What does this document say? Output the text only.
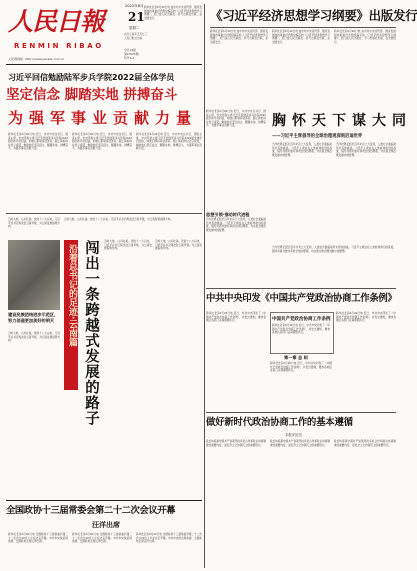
人民日報
RENMIN RIBAO
人民网网址: http://www.people.com.cn
2022年6月
21
星期二
农历壬寅年五月廿三
人民日报社出版
今日12版
第27025期
代号1-1
新华社北京6月20日电 由中共中央宣传部、国家发展和改革委员会组织编写的《习近平经济思想学习纲要》，近日由人民出版社、学习出版社出版，在全国发行。	《习近平经济思想学习纲要》出版发行
新华社北京6月20日电 由中共中央宣传部、国家发展和改革委员会组织编写的《习近平经济思想学习纲要》，近日由人民出版社、学习出版社出版，在全国发行。
新华社北京6月20日电 由中共中央宣传部、国家发展和改革委员会组织编写的《习近平经济思想学习纲要》，近日由人民出版社、学习出版社出版，在全国发行。
新华社北京6月20日电 由中共中央宣传部、国家发展和改革委员会组织编写的《习近平经济思想学习纲要》，近日由人民出版社、学习出版社出版，在全国发行。
习近平回信勉励陆军步兵学院2022届全体学员
坚定信念 脚踏实地 拼搏奋斗
为强军事业贡献力量
新华社北京6月20日电 近日，中共中央总书记、国家主席、中央军委主席习近平给陆军步兵学院2022届全体学员回信，向他们即将奔赴部队、踏上新的岗位表示祝贺，勉励他们坚定信念、脚踏实地、拼搏奋斗，为强军事业贡献力量。
新华社北京6月20日电 近日，中共中央总书记、国家主席、中央军委主席习近平给陆军步兵学院2022届全体学员回信，向他们即将奔赴部队、踏上新的岗位表示祝贺，勉励他们坚定信念、脚踏实地、拼搏奋斗，为强军事业贡献力量。
新华社北京6月20日电 近日，中共中央总书记、国家主席、中央军委主席习近平给陆军步兵学院2022届全体学员回信，向他们即将奔赴部队、踏上新的岗位表示祝贺，勉励他们坚定信念、脚踏实地、拼搏奋斗，为强军事业贡献力量。
新华社北京6月20日电 近日，中共中央总书记、国家主席、中央军委主席习近平给陆军步兵学院2022届全体学员回信，向他们即将奔赴部队、踏上新的岗位表示祝贺，勉励他们坚定信念、脚踏实地、拼搏奋斗，为强军事业贡献力量。	胸怀天下谋大同
——习近平主席倡导的全球治理观深刻启迪世界
当今世界正经历百年未有之大变局，人类社会面临前所未有的挑战。习近平主席站在人类前途命运的高度，倡导共商共建共享的全球治理观，为完善全球治理贡献中国智慧。
当今世界正经历百年未有之大变局，人类社会面临前所未有的挑战。习近平主席站在人类前途命运的高度，倡导共商共建共享的全球治理观，为完善全球治理贡献中国智慧。
思想引领·推动时代进程
当今世界正经历百年未有之大变局，人类社会面临前所未有的挑战。习近平主席站在人类前途命运的高度，倡导共商共建共享的全球治理观，为完善全球治理贡献中国智慧。
当今世界正经历百年未有之大变局，人类社会面临前所未有的挑战。习近平主席站在人类前途命运的高度，倡导共商共建共享的全球治理观，为完善全球治理贡献中国智慧。
云岭大地，山川壮美。党的十八大以来，习近平总书记两次赴云南考察，为云南发展指明方向。
建设民族团结进步示范区，努力创造更加美好的明天
云岭大地，山川壮美。党的十八大以来，习近平总书记两次赴云南考察，为云南发展指明方向。
云岭大地，山川壮美。党的十八大以来，习近平总书记两次赴云南考察，为云南发展指明方向。
沿着总书记的足迹·云南篇 闯出一条跨越式发展的路子	云岭大地，山川壮美。党的十八大以来，习近平总书记两次赴云南考察，为云南发展指明方向。
云岭大地，山川壮美。党的十八大以来，习近平总书记两次赴云南考察，为云南发展指明方向。
中共中央印发《中国共产党政治协商工作条例》
新华社北京6月20日电 近日，中共中央印发了《中国共产党政治协商工作条例》，并发出通知，要求各地区各部门认真遵照执行。	中国共产党政治协商工作条例
新华社北京6月20日电 近日，中共中央印发了《中国共产党政治协商工作条例》，并发出通知，要求各地区各部门认真遵照执行。
第一章 总 则
新华社北京6月20日电 近日，中共中央印发了《中国共产党政治协商工作条例》，并发出通知，要求各地区各部门认真遵照执行。
新华社北京6月20日电 近日，中共中央印发了《中国共产党政治协商工作条例》，并发出通知，要求各地区各部门认真遵照执行。
做好新时代政治协商工作的基本遵循
本报评论员
政治协商是中国共产党领导的多党合作和政治协商制度的重要内容，是社会主义协商民主的重要形式。
政治协商是中国共产党领导的多党合作和政治协商制度的重要内容，是社会主义协商民主的重要形式。
政治协商是中国共产党领导的多党合作和政治协商制度的重要内容，是社会主义协商民主的重要形式。
全国政协十三届常委会第二十二次会议开幕
汪洋出席
新华社北京6月20日电 全国政协十三届常委会第二十二次会议20日上午在北京开幕。中共中央政治局常委、全国政协主席汪洋出席。
新华社北京6月20日电 全国政协十三届常委会第二十二次会议20日上午在北京开幕。中共中央政治局常委、全国政协主席汪洋出席。
新华社北京6月20日电 全国政协十三届常委会第二十二次会议20日上午在北京开幕。中共中央政治局常委、全国政协主席汪洋出席。
